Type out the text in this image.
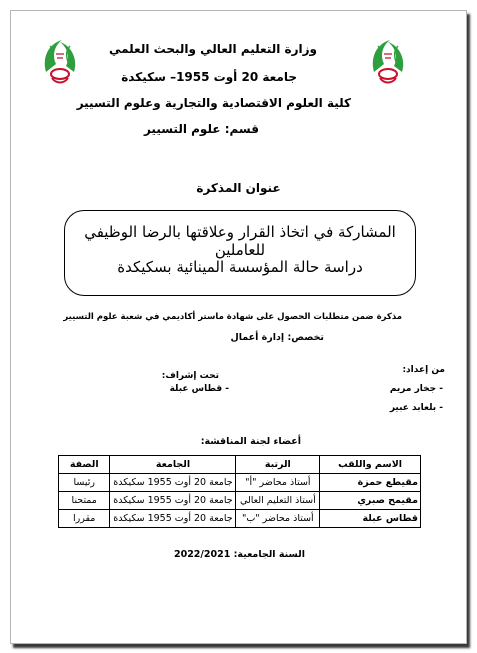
وزارة التعليم العالي والبحث العلمي
جامعة 20 أوت 1955– سكيكدة
كلية العلوم الاقتصادية والتجارية وعلوم التسيير
قسم: علوم التسيير
عنوان المذكرة
المشاركة في اتخاذ القرار وعلاقتها بالرضا الوظيفي للعاملين
دراسة حالة المؤسسة المينائية بسكيكدة
مذكرة ضمن متطلبات الحصول على شهادة ماستر أكاديمي في شعبة علوم التسيير
تخصص: إدارة أعمال
من إعداد:
- جخار مريم
- بلعابد عبير
تحت إشراف:
- قطاس عبلة
أعضاء لجنة المناقشة:
الاسم واللقب	الرتبة	الجامعة	الصفة
مقيطع حمزة	أستاذ محاضر "أ"	جامعة 20 أوت 1955 سكيكدة	رئيسا
مقيمح صبري	أستاذ التعليم العالي	جامعة 20 أوت 1955 سكيكدة	ممتحنا
قطاس عبلة	أستاذ محاضر "ب"	جامعة 20 أوت 1955 سكيكدة	مقررا
السنة الجامعية: 2022/2021
